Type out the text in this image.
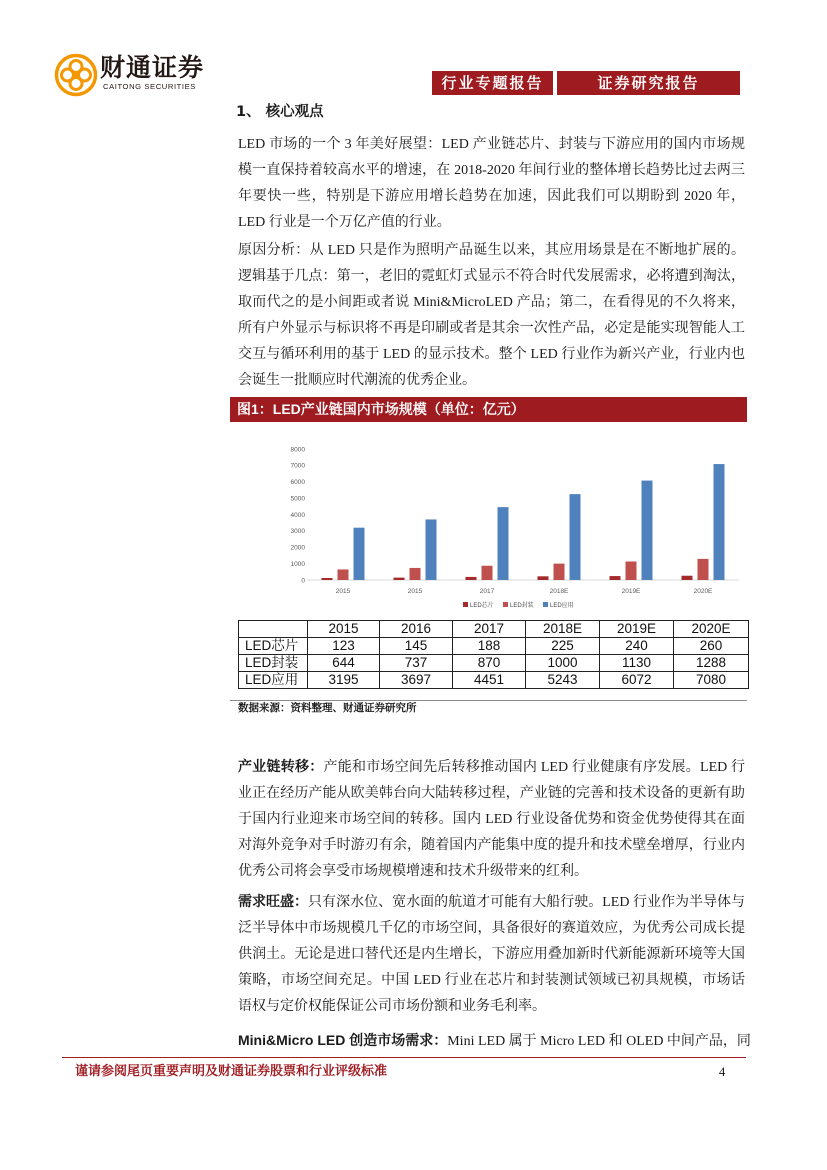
财通证券
CAITONG SECURITIES	行业专题报告	证券研究报告
1、 核心观点
LED 市场的一个 3 年美好展望：LED 产业链芯片、封装与下游应用的国内市场规模一直保持着较高水平的增速，在 2018-2020 年间行业的整体增长趋势比过去两三年要快一些，特别是下游应用增长趋势在加速，因此我们可以期盼到 2020 年，LED 行业是一个万亿产值的行业。
原因分析：从 LED 只是作为照明产品诞生以来，其应用场景是在不断地扩展的。逻辑基于几点：第一，老旧的霓虹灯式显示不符合时代发展需求，必将遭到淘汰，取而代之的是小间距或者说 Mini&MicroLED 产品；第二，在看得见的不久将来，所有户外显示与标识将不再是印刷或者是其余一次性产品，必定是能实现智能人工交互与循环利用的基于 LED 的显示技术。整个 LED 行业作为新兴产业，行业内也会诞生一批顺应时代潮流的优秀企业。
图1：LED产业链国内市场规模（单位：亿元）
0
1000
2000
3000
4000
5000
6000
7000
8000
2015	2015	2017	2018E	2019E	2020E
LED芯片	LED封装	LED应用
	2015	2016	2017	2018E	2019E	2020E
LED芯片	123	145	188	225	240	260
LED封装	644	737	870	1000	1130	1288
LED应用	3195	3697	4451	5243	6072	7080
数据来源：资料整理、财通证券研究所
产业链转移：产能和市场空间先后转移推动国内 LED 行业健康有序发展。LED 行业正在经历产能从欧美韩台向大陆转移过程，产业链的完善和技术设备的更新有助于国内行业迎来市场空间的转移。国内 LED 行业设备优势和资金优势使得其在面对海外竞争对手时游刃有余，随着国内产能集中度的提升和技术壁垒增厚，行业内优秀公司将会享受市场规模增速和技术升级带来的红利。
需求旺盛：只有深水位、宽水面的航道才可能有大船行驶。LED 行业作为半导体与泛半导体中市场规模几千亿的市场空间，具备很好的赛道效应，为优秀公司成长提供润土。无论是进口替代还是内生增长，下游应用叠加新时代新能源新环境等大国策略，市场空间充足。中国 LED 行业在芯片和封装测试领域已初具规模，市场话语权与定价权能保证公司市场份额和业务毛利率。
Mini&Micro LED 创造市场需求：Mini LED 属于 Micro LED 和 OLED 中间产品，同
谨请参阅尾页重要声明及财通证券股票和行业评级标准	4
